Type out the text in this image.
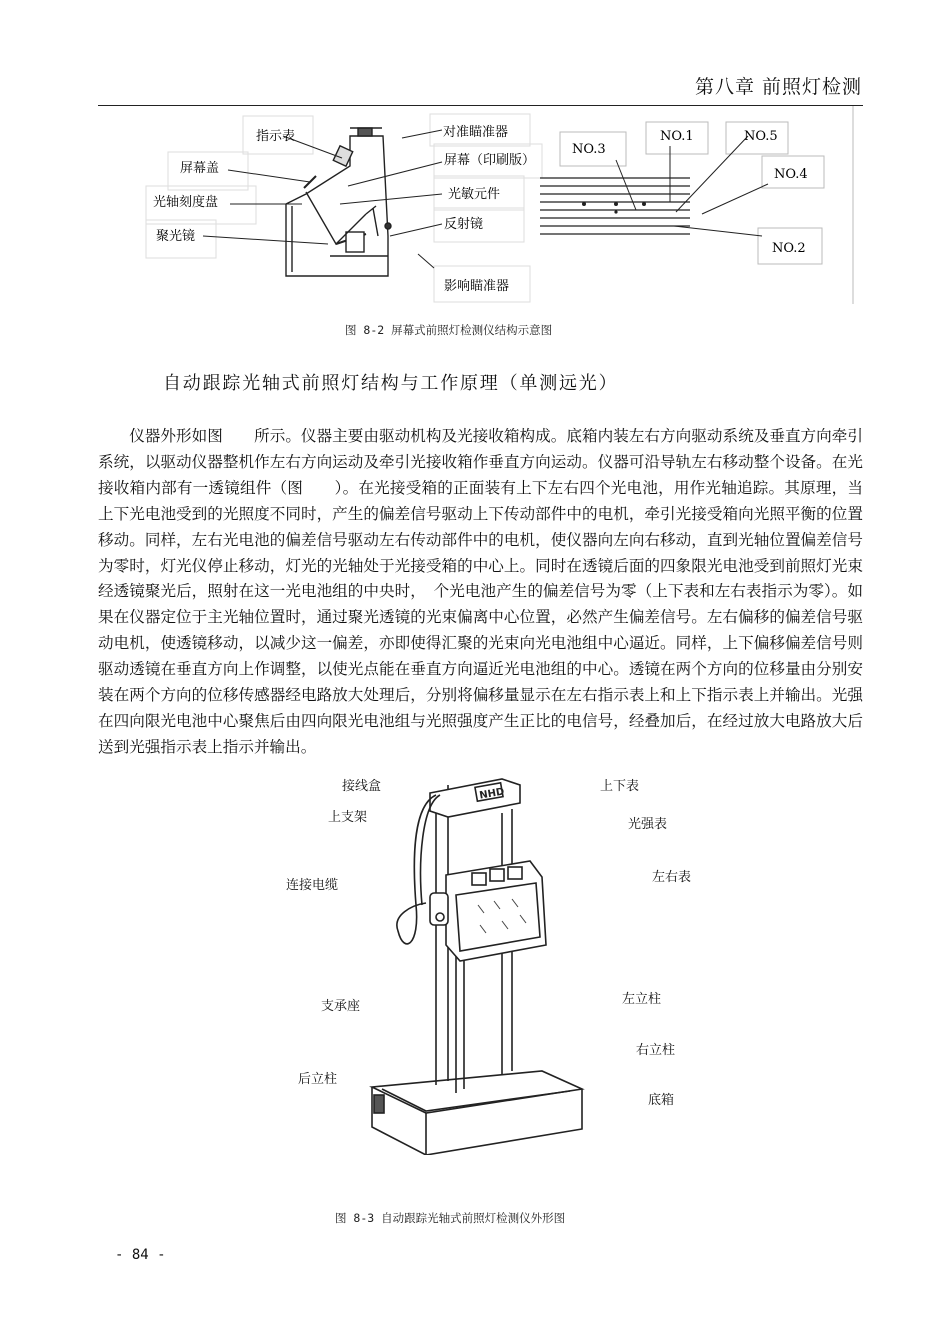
第八章 前照灯检测
指示表	对准瞄准器
屏幕盖
屏幕（印刷版）
光轴刻度盘
光敏元件
聚光镜
反射镜
影响瞄准器
NO.3
NO.1	NO.5
NO.4
NO.2
图 8-2 屏幕式前照灯检测仪结构示意图
自动跟踪光轴式前照灯结构与工作原理（单测远光）
仪器外形如图　　所示。仪器主要由驱动机构及光接收箱构成。底箱内装左右方向驱动系统及垂直方向牵引系统，以驱动仪器整机作左右方向运动及牵引光接收箱作垂直方向运动。仪器可沿导轨左右移动整个设备。在光接收箱内部有一透镜组件（图　　）。在光接受箱的正面装有上下左右四个光电池，用作光轴追踪。其原理，当上下光电池受到的光照度不同时，产生的偏差信号驱动上下传动部件中的电机，牵引光接受箱向光照平衡的位置移动。同样，左右光电池的偏差信号驱动左右传动部件中的电机，使仪器向左向右移动，直到光轴位置偏差信号为零时，灯光仪停止移动，灯光的光轴处于光接受箱的中心上。同时在透镜后面的四象限光电池受到前照灯光束经透镜聚光后，照射在这一光电池组的中央时，　个光电池产生的偏差信号为零（上下表和左右表指示为零）。如果在仪器定位于主光轴位置时，通过聚光透镜的光束偏离中心位置，必然产生偏差信号。左右偏移的偏差信号驱动电机，使透镜移动，以减少这一偏差，亦即使得汇聚的光束向光电池组中心逼近。同样，上下偏移偏差信号则驱动透镜在垂直方向上作调整，以使光点能在垂直方向逼近光电池组的中心。透镜在两个方向的位移量由分别安装在两个方向的位移传感器经电路放大处理后，分别将偏移量显示在左右指示表上和上下指示表上并输出。光强在四向限光电池中心聚焦后由四向限光电池组与光照强度产生正比的电信号，经叠加后，在经过放大电路放大后送到光强指示表上指示并输出。
NHD
接线盒	上下表
上支架	光强表
连接电缆
左右表
支承座	左立柱
右立柱
后立柱
底箱
图 8-3 自动跟踪光轴式前照灯检测仪外形图
- 84 -
